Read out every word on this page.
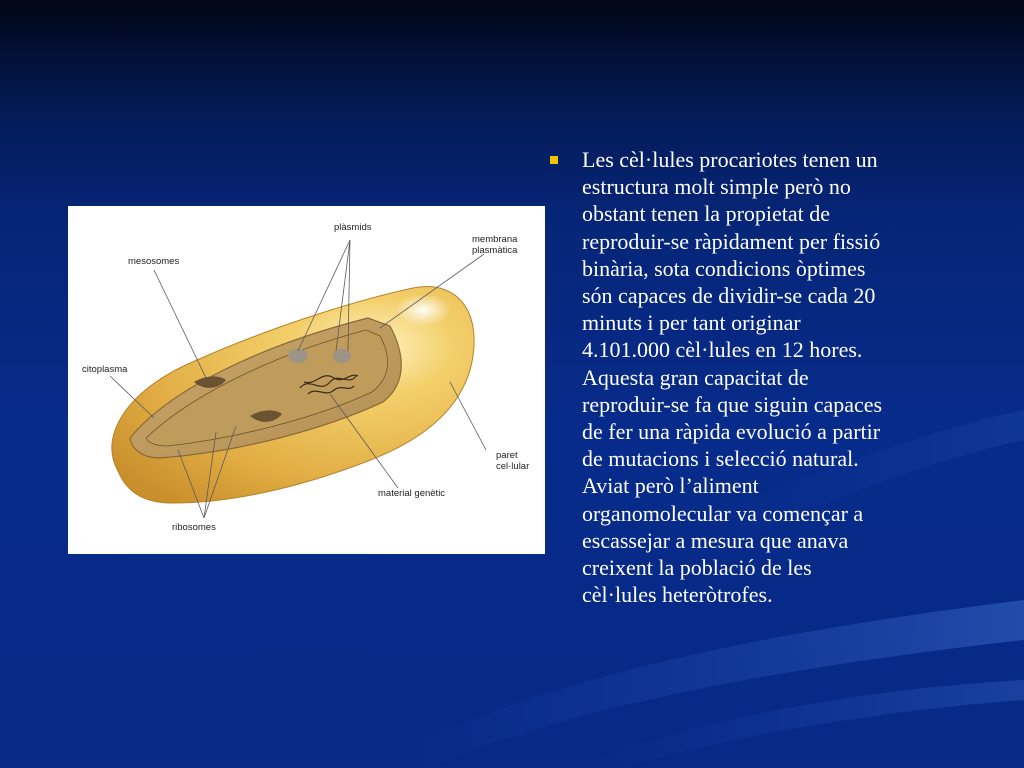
plàsmids
membrana plasmàtica
mesosomes
citoplasma
paret cel·lular
material genètic
ribosomes

Les cèl·lules procariotes tenen un
estructura molt simple però no
obstant tenen la propietat de
reproduir-se ràpidament per fissió
binària, sota condicions òptimes
són capaces de dividir-se cada 20
minuts i per tant originar
4.101.000 cèl·lules en 12 hores.
Aquesta gran capacitat de
reproduir-se fa que siguin capaces
de fer una ràpida evolució a partir
de mutacions i selecció natural.
Aviat però l’aliment
organomolecular va començar a
escassejar a mesura que anava
creixent la població de les
cèl·lules heteròtrofes.
